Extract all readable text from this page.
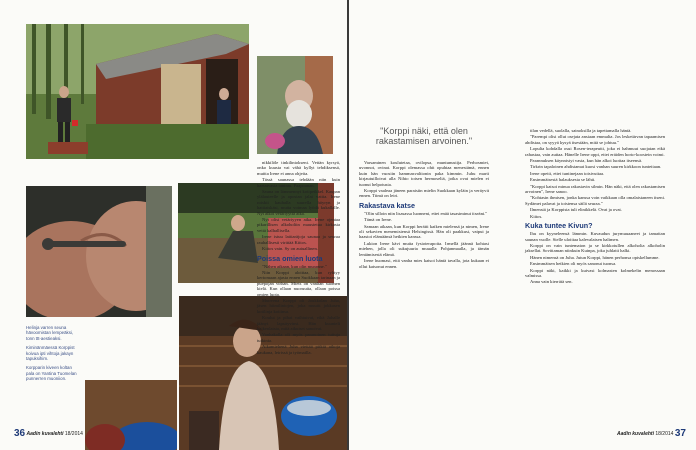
nikkilöle tinkilintokseni. Vettän kyrsyä, onko kuusta vai vähä kyllyt tehdiksensä, muttta Irene ei anna ohjeita.

Tässä saunassa tehdään niin kuin haetaivasta tantrau. Paapoanan.

Sauna on lämmennyt kotipeikkel. Kaupan ylälauteelle ja apostan jalat vattia. Irene roiskii kauhalla suurella höyryn ja hattiaiskäsi, mutta voimaa lyödä kukallalle. Nyt alkoi vetäriyyttä aika.

Nyt olisi vetäriyyen aika. Irene ojentaa pikarillisen alkoholiin maustetua kirkasta vettä kalhallisella.

Irene istuu lattiaräjoja saunaa ja seuraa rauhallisesti virittää Kiitos.

Kiitos vain. Sy on autuallinen.

Poissa omien luota

"Nähen aikaan, kun olin muranne."

Niin Korppi aloittaa, kun ryhtyy kertomaan ajasta ennen Suokkaan tarinaan ja puepojan virhan. Miets on vanhan suomen kielä. Kun ollaan nuoruutta, ollaan poissa omien luota.

Muovena Korppi oli Joukkolan Juha, jäsen hiimilintojen, joka muutti jokkasen kotilinja kotiinsa.

Koulut ja pihat vaihtuivat, eikä Juhalle jäänyt lapsityvinsi. Hän kuunteli kaikenlaista, mitä aikuiset sanoivat.

Vanhakalla oli myös paranoinen tuttuja tutkinta.

Aikamiehenä Juha viettää pitkiä aikoja kaukana, leirissä ja työmailla.

Helinja varren seuna hävoomistan lempeäksi, tonn ttt-aestieaksi.

Kiminänmäessä Korppist koivua ipti vihtoja jakayn tapuksihim.

Korpparin kiveen koltan pala on Yantina Tuomelan punnerren muoniion.

36 Aadin kuvalehti 18/2014
"Korppi näki, että olen rakastamisen arvoinen."

Varsaminen koulutetaa, ovilopsa, muntunustija. Perhosmiet, uvonnot, ovinat. Korppi olemassa ohit opuhtaa menestämä, ennen kuin hän vuosiin hammasvaltionin paka kimmin. Juhu marti kirjautuilloivat alla Nihto toisen hermoseliä, jotka ovat mielen ei tuonut helpotusta.

Korppi vaaleaa jäneen paraisiin mielin Suokkaan kyläin ja veräyvit ennen. Tiimä on leiri.

Rakastava katse

"Olin silloin niin lisasassa luonneni, ettei enää tasasiminut itseäni."

Tämä on Irene.

Samaan aikaan, kun Korppi herätti kaiken mielensä ja nimen, Irene oli sekavien menemisiensä Helsingissä. Hän oli paakkusi, vaipui ja haastoi elämäänsä hetkien kanssa.

Lukion Irene kävi mutta fysioterapoita. Irmellä jäännä kohtasi miehen, jolla oli sukujuuria muualla Pohjanmaalla, ja tämän lentämisestä elämä.

Irene huomasi, että vanha mies katsoi häntä tavalla, jota kukaan ei ollut katsonut ennen.

tilan vedellä, suolalla, sainoksilla ja tapettamalla häntä.

"Parempi olisi ollut osejata ansiaan emmalta. Jos lesketärvan tapaamisen ahdistaa, on syyyä kysyä itsestään, mitä se johtuu."

Lopulta kohdalla osui Rosen-terapeutti, joka ei hahmuut suojatan eikä rahastaa, vain auttaa. Hänelle Irene oppi, ettei eräiden horto-koostein voimi.

Parannuksen käynnistyi vasta, kun hän alkoi luottaa itseensä.

Tirkrin tapaloinen ahdistamat kuosi vanhan suuren kirkkoon tunteitaan.

Irene opetti, ettei tuntinejaan toisivuttaa.

Ensimmäisestä halauksesta se lähti.

"Korppi katsoi minua rakastavin silmin. Hän näki, että olen rakastamisen arvoinen", Irene sanoo.

"Kohtasin ihmisen, jonka kanssa voin vaikkaan olla omalaistaneen itseni. Sydämet palavat ja toistensa säilä seuraa."

Ilmenstä ja Korppista tuli elinikkelä. Ovat ja ovat.

Kiitos.

Kuka tuntee Kivun?

Ihu on kyyneleensä lämmin. Kuvaudun jurymuuaaneet ja tamattan saunan vuolle. Sielle uloittaa kalevalaisen halimen.

Korppi on vain tuntematon ja se kirkkotullen alkoholia alkoholin jaksellat. Sovittaman niinkuin Kuinpa, joka juhlatti halki.

Hänen nimensä on Juha. Jutun Korppi, hänen perhonsa opiskellumme.

Ensimmäisen hetkien oli myös sanonut tuonsa.

Korppi näki, kaikki ja kuivasi kolmasten kolmekelin menossaan valmissa.

Anna vain kierrätä sen.

Aadin kuvalehti 18/2014 37
